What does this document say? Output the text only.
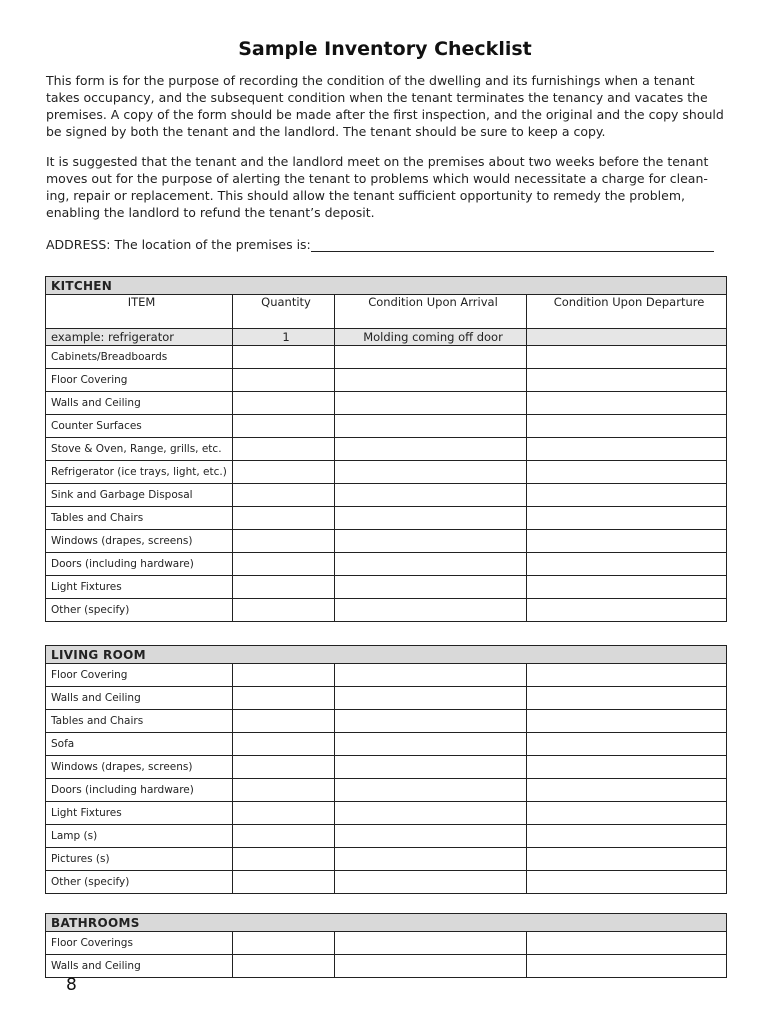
Sample Inventory Checklist

This form is for the purpose of recording the condition of the dwelling and its furnishings when a tenant takes occupancy, and the subsequent condition when the tenant terminates the tenancy and vacates the premises. A copy of the form should be made after the first inspection, and the original and the copy should be signed by both the tenant and the landlord. The tenant should be sure to keep a copy.

It is suggested that the tenant and the landlord meet on the premises about two weeks before the tenant moves out for the purpose of alerting the tenant to problems which would necessitate a charge for clean-ing, repair or replacement. This should allow the tenant sufficient opportunity to remedy the problem, enabling the landlord to refund the tenant’s deposit.

ADDRESS: The location of the premises is:
KITCHEN			
ITEM	Quantity	Condition Upon Arrival	Condition Upon Departure
example: refrigerator	1	Molding coming off door	
Cabinets/Breadboards			
Floor Covering			
Walls and Ceiling			
Counter Surfaces			
Stove & Oven, Range, grills, etc.			
Refrigerator (ice trays, light, etc.)			
Sink and Garbage Disposal			
Tables and Chairs			
Windows (drapes, screens)			
Doors (including hardware)			
Light Fixtures			
Other (specify)			
LIVING ROOM			
Floor Covering			
Walls and Ceiling			
Tables and Chairs			
Sofa			
Windows (drapes, screens)			
Doors (including hardware)			
Light Fixtures			
Lamp (s)			
Pictures (s)			
Other (specify)			
BATHROOMS			
Floor Coverings			
Walls and Ceiling			
8
